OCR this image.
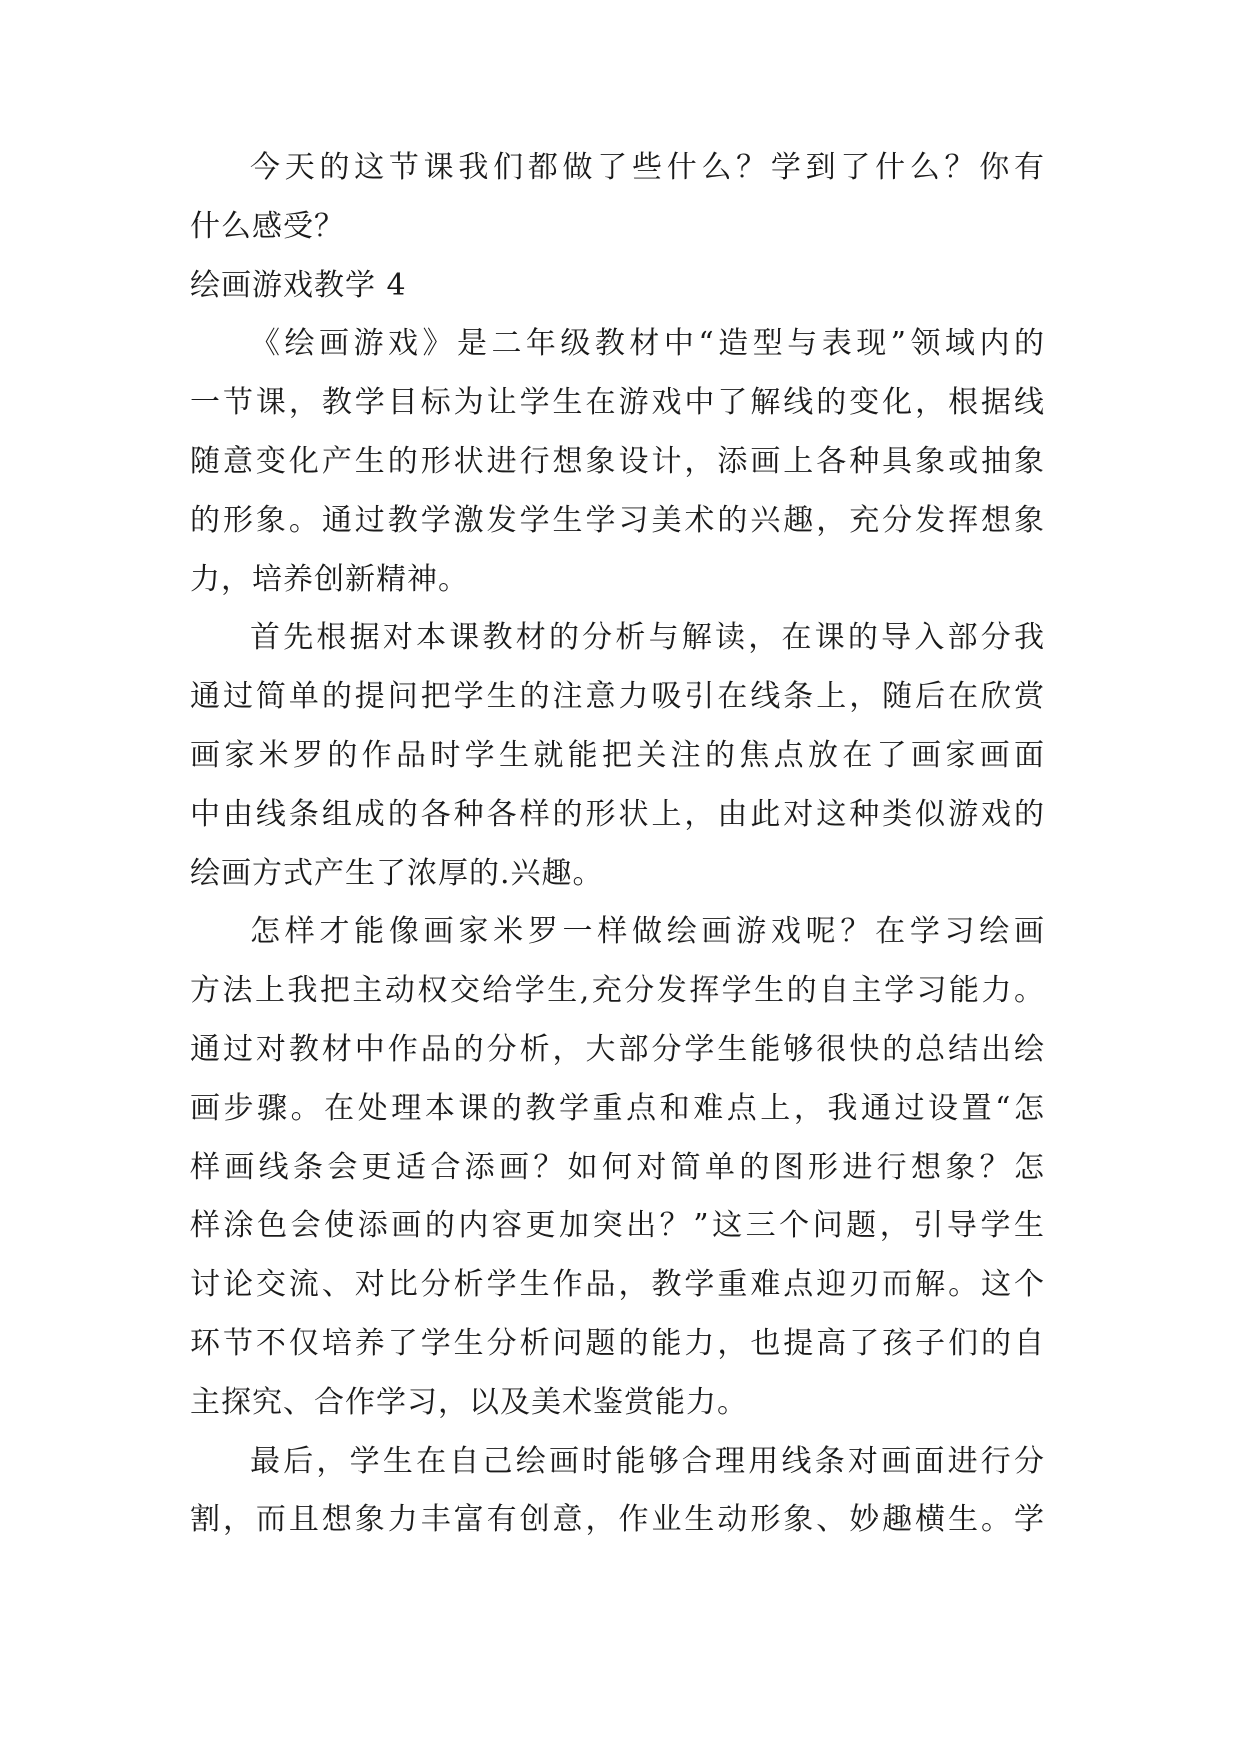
今天的这节课我们都做了些什么？学到了什么？你有
什么感受？
绘画游戏教学 4
《绘画游戏》是二年级教材中“造型与表现”领域内的
一节课，教学目标为让学生在游戏中了解线的变化，根据线
随意变化产生的形状进行想象设计，添画上各种具象或抽象
的形象。通过教学激发学生学习美术的兴趣，充分发挥想象
力，培养创新精神。
首先根据对本课教材的分析与解读，在课的导入部分我
通过简单的提问把学生的注意力吸引在线条上，随后在欣赏
画家米罗的作品时学生就能把关注的焦点放在了画家画面
中由线条组成的各种各样的形状上，由此对这种类似游戏的
绘画方式产生了浓厚的.兴趣。
怎样才能像画家米罗一样做绘画游戏呢？在学习绘画
方法上我把主动权交给学生,充分发挥学生的自主学习能力。
通过对教材中作品的分析，大部分学生能够很快的总结出绘
画步骤。在处理本课的教学重点和难点上，我通过设置“怎
样画线条会更适合添画？如何对简单的图形进行想象？怎
样涂色会使添画的内容更加突出？”这三个问题，引导学生
讨论交流、对比分析学生作品，教学重难点迎刃而解。这个
环节不仅培养了学生分析问题的能力，也提高了孩子们的自
主探究、合作学习，以及美术鉴赏能力。
最后，学生在自己绘画时能够合理用线条对画面进行分
割，而且想象力丰富有创意，作业生动形象、妙趣横生。学
